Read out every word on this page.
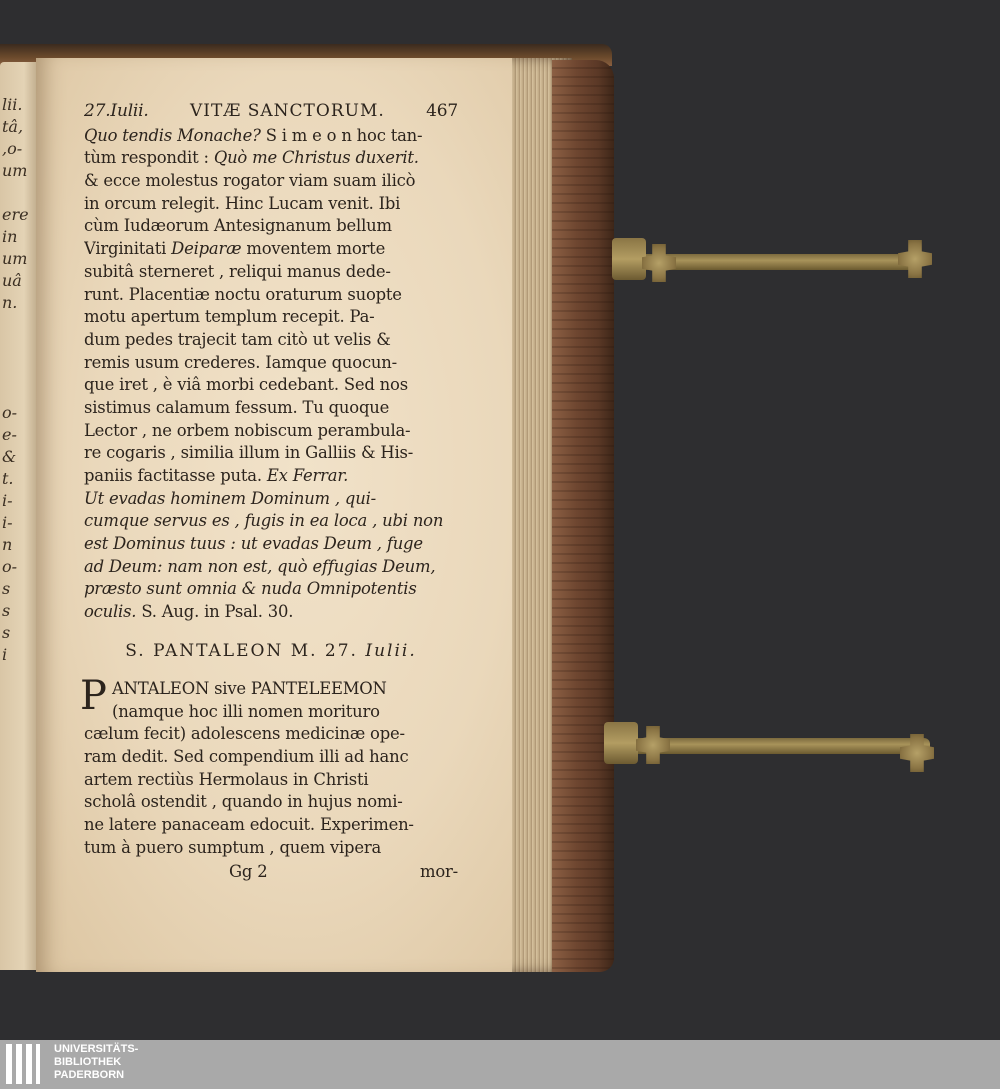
lii.
tâ,
,o-
um
ere
in
um
uâ
n.
o-
e-
&
t.
i-
i-
n
o-
s
s
s
i
27.Iulii. VITÆ SANCTORUM. 467
Quo tendis Monache? S i m e o n hoc tan-
tùm respondit : Quò me Christus duxerit.
& ecce molestus rogator viam suam ilicò
in orcum relegit. Hinc Lucam venit. Ibi
cùm Iudæorum Antesignanum bellum
Virginitati Deiparæ moventem morte
subitâ sterneret , reliqui manus dede-
runt. Placentiæ noctu oraturum suopte
motu apertum templum recepit. Pa-
dum pedes trajecit tam citò ut velis &
remis usum crederes. Iamque quocun-
que iret , è viâ morbi cedebant. Sed nos
sistimus calamum fessum. Tu quoque
Lector , ne orbem nobiscum perambula-
re cogaris , similia illum in Galliis & His-
paniis factitasse puta. Ex Ferrar.
Ut evadas hominem Dominum , qui-
cumque servus es , fugis in ea loca , ubi non
est Dominus tuus : ut evadas Deum , fuge
ad Deum: nam non est, quò effugias Deum,
præsto sunt omnia & nuda Omnipotentis
oculis. S. Aug. in Psal. 30.
S. PANTALEON M. 27. Iulii.
P ANTALEON sive PANTELEEMON
(namque hoc illi nomen morituro
cælum fecit) adolescens medicinæ ope-
ram dedit. Sed compendium illi ad hanc
artem rectiùs Hermolaus in Christi
scholâ ostendit , quando in hujus nomi-
ne latere panaceam edocuit. Experimen-
tum à puero sumptum , quem vipera
Gg 2	mor-
UNIVERSITÄTS-
BIBLIOTHEK
PADERBORN
